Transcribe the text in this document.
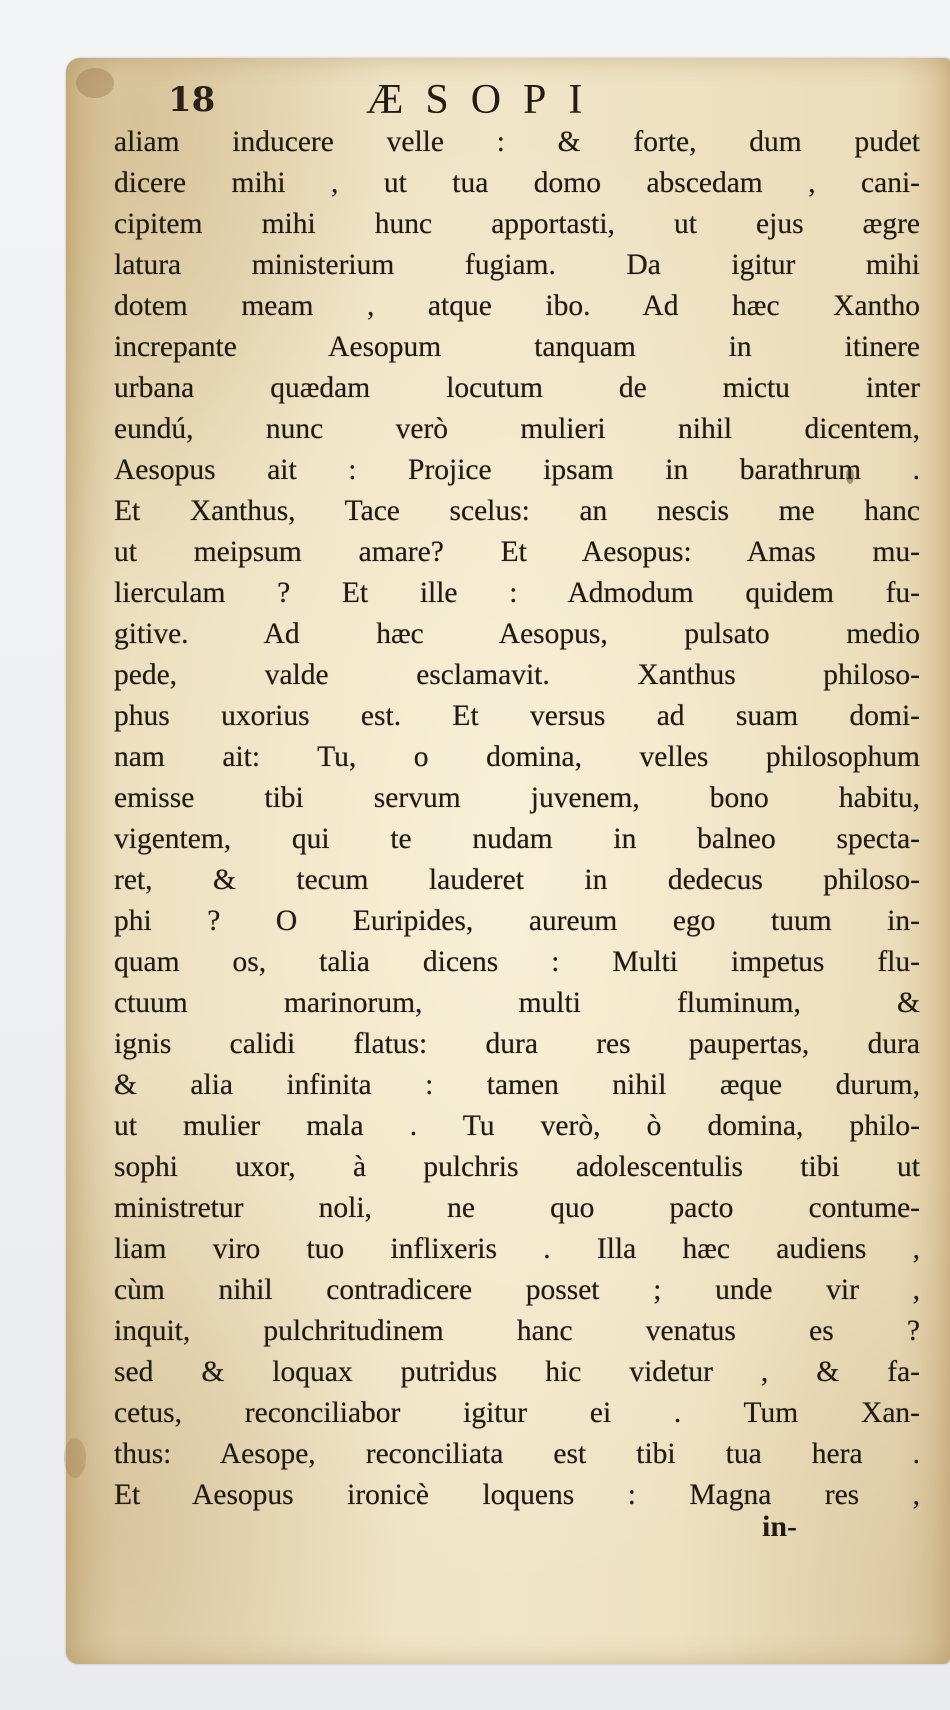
18	ÆSOPI
aliam inducere velle : & forte, dum pudet
dicere mihi , ut tua domo abscedam , cani-
cipitem mihi hunc apportasti, ut ejus ægre
latura ministerium fugiam. Da igitur mihi
dotem meam , atque ibo. Ad hæc Xantho
increpante Aesopum tanquam in itinere
urbana quædam locutum de mictu inter
eundú, nunc verò mulieri nihil dicentem,
Aesopus ait : Projice ipsam in barathrum .
Et Xanthus, Tace scelus: an nescis me hanc
ut meipsum amare? Et Aesopus: Amas mu-
lierculam ? Et ille : Admodum quidem fu-
gitive. Ad hæc Aesopus, pulsato medio
pede, valde esclamavit. Xanthus philoso-
phus uxorius est. Et versus ad suam domi-
nam ait: Tu, o domina, velles philosophum
emisse tibi servum juvenem, bono habitu,
vigentem, qui te nudam in balneo specta-
ret, & tecum lauderet in dedecus philoso-
phi ? O Euripides, aureum ego tuum in-
quam os, talia dicens : Multi impetus flu-
ctuum marinorum, multi fluminum, &
ignis calidi flatus: dura res paupertas, dura
& alia infinita : tamen nihil æque durum,
ut mulier mala . Tu verò, ò domina, philo-
sophi uxor, à pulchris adolescentulis tibi ut
ministretur noli, ne quo pacto contume-
liam viro tuo inflixeris . Illa hæc audiens ,
cùm nihil contradicere posset ; unde vir ,
inquit, pulchritudinem hanc venatus es ?
sed & loquax putridus hic videtur , & fa-
cetus, reconciliabor igitur ei . Tum Xan-
thus: Aesope, reconciliata est tibi tua hera .
Et Aesopus ironicè loquens : Magna res ,
in-
